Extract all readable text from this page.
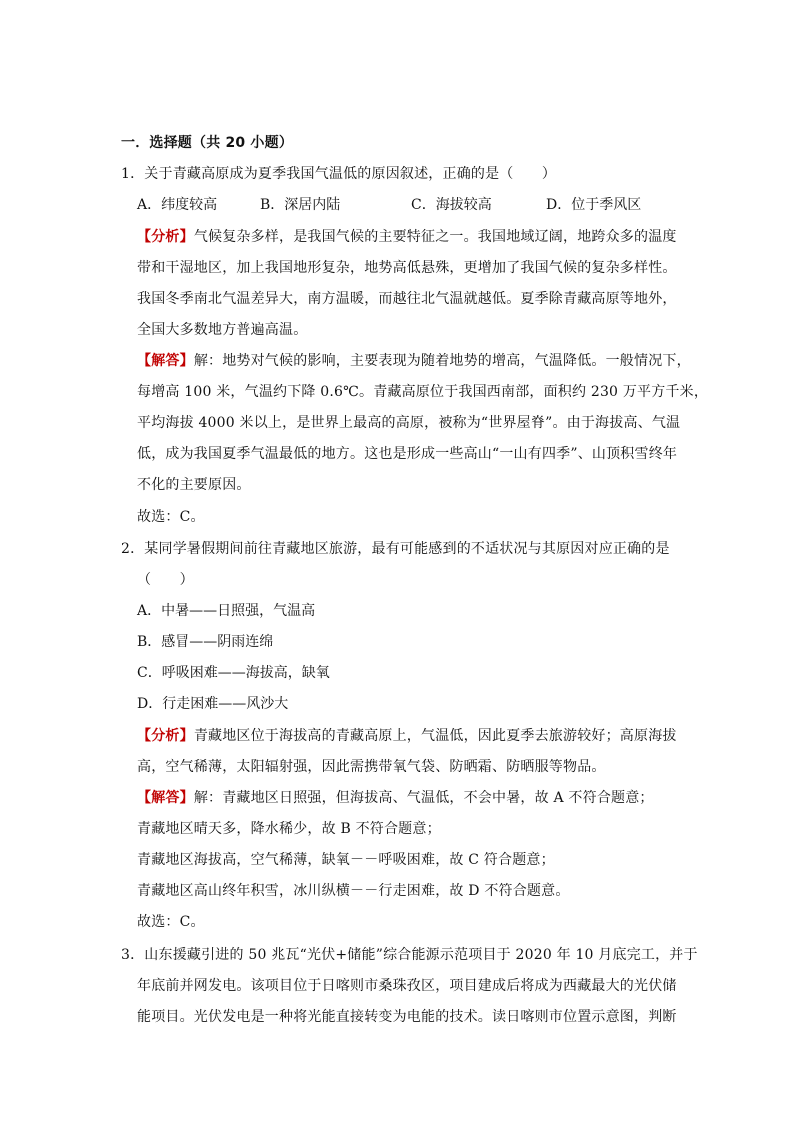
一．选择题（共 20 小题）
1．关于青藏高原成为夏季我国气温低的原因叙述，正确的是（　　）
A．纬度较高	B．深居内陆	C．海拔较高	D．位于季风区
【分析】气候复杂多样，是我国气候的主要特征之一。我国地域辽阔，地跨众多的温度
带和干湿地区，加上我国地形复杂，地势高低悬殊，更增加了我国气候的复杂多样性。
我国冬季南北气温差异大，南方温暖，而越往北气温就越低。夏季除青藏高原等地外，
全国大多数地方普遍高温。
【解答】解：地势对气候的影响，主要表现为随着地势的增高，气温降低。一般情况下，
每增高 100 米，气温约下降 0.6℃。青藏高原位于我国西南部，面积约 230 万平方千米，
平均海拔 4000 米以上，是世界上最高的高原，被称为“世界屋脊”。由于海拔高、气温
低，成为我国夏季气温最低的地方。这也是形成一些高山“一山有四季”、山顶积雪终年
不化的主要原因。
故选：C。
2．某同学暑假期间前往青藏地区旅游，最有可能感到的不适状况与其原因对应正确的是
（　　）
A．中暑——日照强，气温高
B．感冒——阴雨连绵
C．呼吸困难——海拔高，缺氧
D．行走困难——风沙大
【分析】青藏地区位于海拔高的青藏高原上，气温低，因此夏季去旅游较好；高原海拔
高，空气稀薄，太阳辐射强，因此需携带氧气袋、防晒霜、防晒服等物品。
【解答】解：青藏地区日照强，但海拔高、气温低，不会中暑，故 A 不符合题意；
青藏地区晴天多，降水稀少，故 B 不符合题意；
青藏地区海拔高，空气稀薄，缺氧－－呼吸困难，故 C 符合题意；
青藏地区高山终年积雪，冰川纵横－－行走困难，故 D 不符合题意。
故选：C。
3．山东援藏引进的 50 兆瓦“光伏+储能”综合能源示范项目于 2020 年 10 月底完工，并于
年底前并网发电。该项目位于日喀则市桑珠孜区，项目建成后将成为西藏最大的光伏储
能项目。光伏发电是一种将光能直接转变为电能的技术。读日喀则市位置示意图，判断
